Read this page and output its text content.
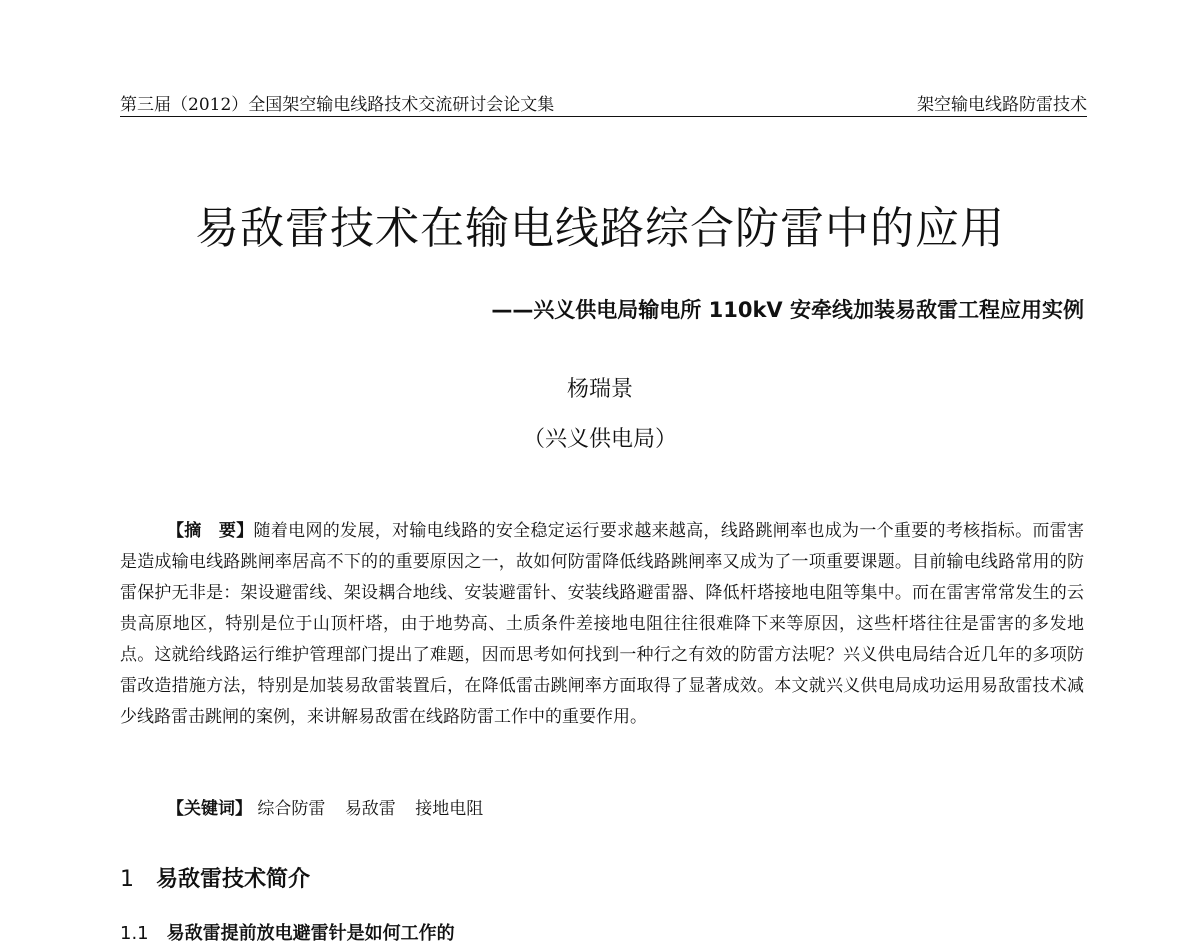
第三届（2012）全国架空输电线路技术交流研讨会论文集	架空输电线路防雷技术
易敌雷技术在输电线路综合防雷中的应用
——兴义供电局输电所 110kV 安牵线加装易敌雷工程应用实例
杨瑞景
（兴义供电局）

【摘　要】随着电网的发展，对输电线路的安全稳定运行要求越来越高，线路跳闸率也成为一个重要的考核指标。而雷害是造成输电线路跳闸率居高不下的的重要原因之一，故如何防雷降低线路跳闸率又成为了一项重要课题。目前输电线路常用的防雷保护无非是：架设避雷线、架设耦合地线、安装避雷针、安装线路避雷器、降低杆塔接地电阻等集中。而在雷害常常发生的云贵高原地区，特别是位于山顶杆塔，由于地势高、土质条件差接地电阻往往很难降下来等原因，这些杆塔往往是雷害的多发地点。这就给线路运行维护管理部门提出了难题，因而思考如何找到一种行之有效的防雷方法呢？兴义供电局结合近几年的多项防雷改造措施方法，特别是加装易敌雷装置后，在降低雷击跳闸率方面取得了显著成效。本文就兴义供电局成功运用易敌雷技术减少线路雷击跳闸的案例，来讲解易敌雷在线路防雷工作中的重要作用。

【关键词】 综合防雷 易敌雷 接地电阻
1 易敌雷技术简介
1.1 易敌雷提前放电避雷针是如何工作的
